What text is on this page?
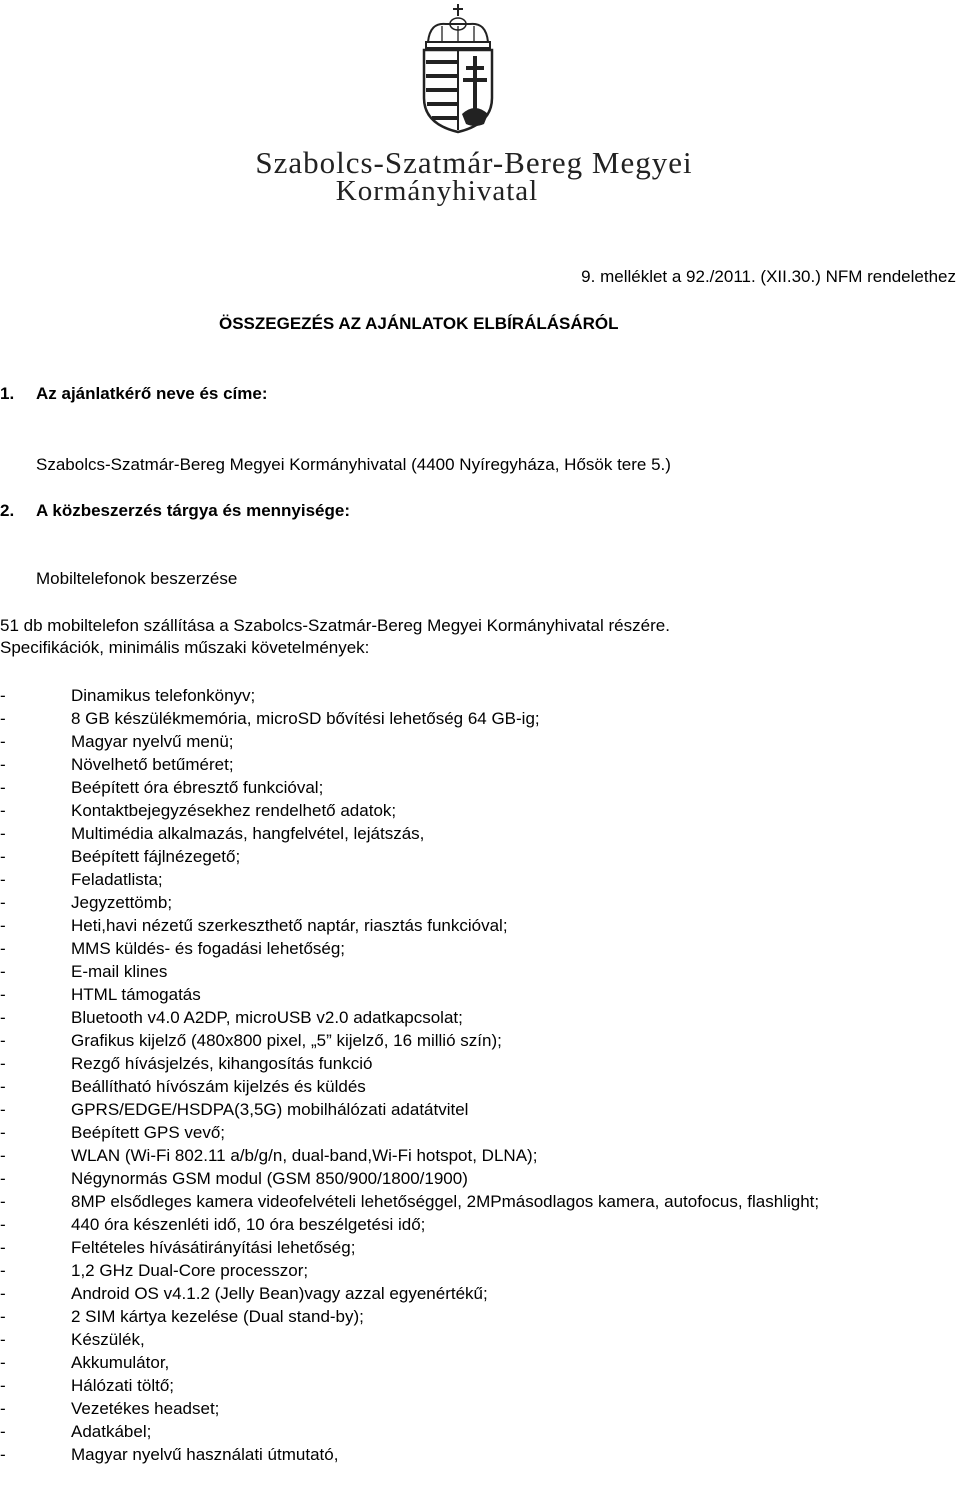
Szabolcs-Szatmár-Bereg Megyei
Kormányhivatal
9. melléklet a 92./2011. (XII.30.) NFM rendelethez
ÖSSZEGEZÉS AZ AJÁNLATOK ELBÍRÁLÁSÁRÓL
1. Az ajánlatkérő neve és címe:
Szabolcs-Szatmár-Bereg Megyei Kormányhivatal (4400 Nyíregyháza, Hősök tere 5.)
2. A közbeszerzés tárgya és mennyisége:
Mobiltelefonok beszerzése
51 db mobiltelefon szállítása a Szabolcs-Szatmár-Bereg Megyei Kormányhivatal részére.
Specifikációk, minimális műszaki követelmények:
-	Dinamikus telefonkönyv;
-	8 GB készülékmemória, microSD bővítési lehetőség 64 GB-ig;
-	Magyar nyelvű menü;
-	Növelhető betűméret;
-	Beépített óra ébresztő funkcióval;
-	Kontaktbejegyzésekhez rendelhető adatok;
-	Multimédia alkalmazás, hangfelvétel, lejátszás,
-	Beépített fájlnézegető;
-	Feladatlista;
-	Jegyzettömb;
-	Heti,havi nézetű szerkeszthető naptár, riasztás funkcióval;
-	MMS küldés- és fogadási lehetőség;
-	E-mail klines
-	HTML támogatás
-	Bluetooth v4.0 A2DP, microUSB v2.0 adatkapcsolat;
-	Grafikus kijelző (480x800 pixel, „5” kijelző, 16 millió szín);
-	Rezgő hívásjelzés, kihangosítás funkció
-	Beállítható hívószám kijelzés és küldés
-	GPRS/EDGE/HSDPA(3,5G) mobilhálózati adatátvitel
-	Beépített GPS vevő;
-	WLAN (Wi-Fi 802.11 a/b/g/n, dual-band,Wi-Fi hotspot, DLNA);
-	Négynormás GSM modul (GSM 850/900/1800/1900)
-	8MP elsődleges kamera videofelvételi lehetőséggel, 2MPmásodlagos kamera, autofocus, flashlight;
-	440 óra készenléti idő, 10 óra beszélgetési idő;
-	Feltételes hívásátirányítási lehetőség;
-	1,2 GHz Dual-Core processzor;
-	Android OS v4.1.2 (Jelly Bean)vagy azzal egyenértékű;
-	2 SIM kártya kezelése (Dual stand-by);
-	Készülék,
-	Akkumulátor,
-	Hálózati töltő;
-	Vezetékes headset;
-	Adatkábel;
-	Magyar nyelvű használati útmutató,
